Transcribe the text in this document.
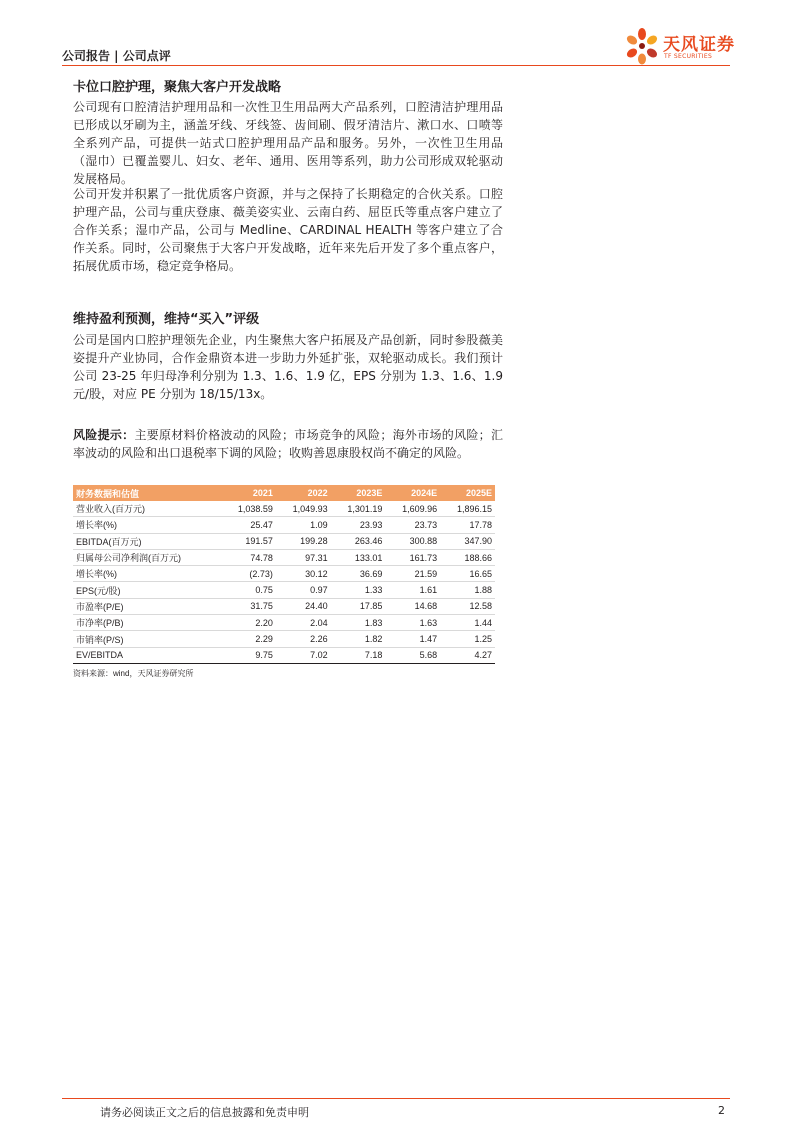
公司报告 | 公司点评
天风证券
TF SECURITIES
卡位口腔护理，聚焦大客户开发战略

公司现有口腔清洁护理用品和一次性卫生用品两大产品系列，口腔清洁护理用品已形成以牙刷为主，涵盖牙线、牙线签、齿间刷、假牙清洁片、漱口水、口喷等全系列产品，可提供一站式口腔护理用品产品和服务。另外，一次性卫生用品（湿巾）已覆盖婴儿、妇女、老年、通用、医用等系列，助力公司形成双轮驱动发展格局。

公司开发并积累了一批优质客户资源，并与之保持了长期稳定的合伙关系。口腔护理产品，公司与重庆登康、薇美姿实业、云南白药、屈臣氏等重点客户建立了合作关系；湿巾产品，公司与 Medline、CARDINAL HEALTH 等客户建立了合作关系。同时，公司聚焦于大客户开发战略，近年来先后开发了多个重点客户，拓展优质市场，稳定竞争格局。

维持盈利预测，维持“买入”评级

公司是国内口腔护理领先企业，内生聚焦大客户拓展及产品创新，同时参股薇美姿提升产业协同，合作金鼎资本进一步助力外延扩张，双轮驱动成长。我们预计公司 23-25 年归母净利分别为 1.3、1.6、1.9 亿，EPS 分别为 1.3、1.6、1.9 元/股，对应 PE 分别为 18/15/13x。

风险提示：主要原材料价格波动的风险；市场竞争的风险；海外市场的风险；汇率波动的风险和出口退税率下调的风险；收购善恩康股权尚不确定的风险。

财务数据和估值	2021	2022	2023E	2024E	2025E
营业收入(百万元)	1,038.59	1,049.93	1,301.19	1,609.96	1,896.15
增长率(%)	25.47	1.09	23.93	23.73	17.78
EBITDA(百万元)	191.57	199.28	263.46	300.88	347.90
归属母公司净利润(百万元)	74.78	97.31	133.01	161.73	188.66
增长率(%)	(2.73)	30.12	36.69	21.59	16.65
EPS(元/股)	0.75	0.97	1.33	1.61	1.88
市盈率(P/E)	31.75	24.40	17.85	14.68	12.58
市净率(P/B)	2.20	2.04	1.83	1.63	1.44
市销率(P/S)	2.29	2.26	1.82	1.47	1.25
EV/EBITDA	9.75	7.02	7.18	5.68	4.27
资料来源：wind，天风证券研究所
请务必阅读正文之后的信息披露和免责申明	2
